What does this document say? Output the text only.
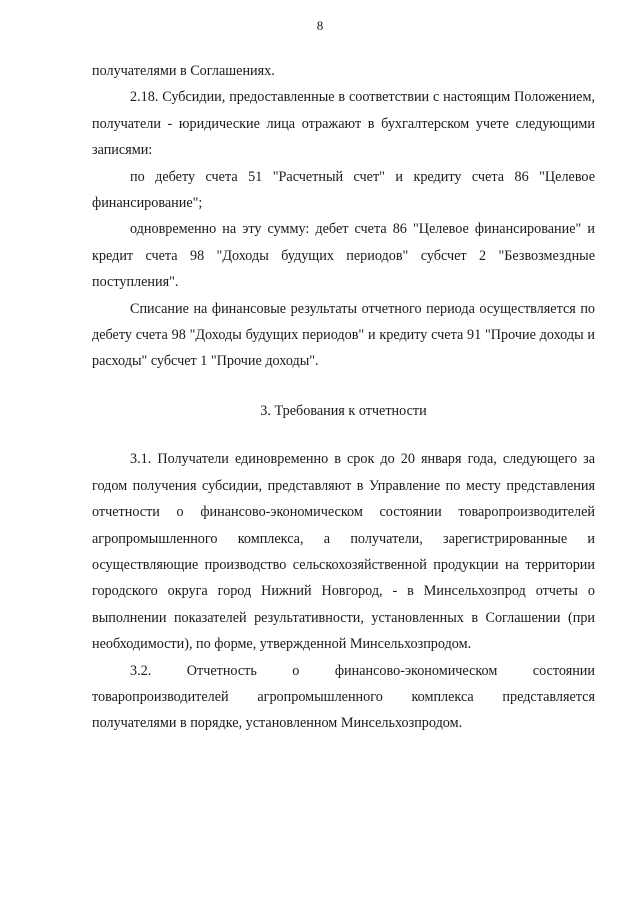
8

получателями в Соглашениях.

2.18. Субсидии, предоставленные в соответствии с настоящим Положением, получатели - юридические лица отражают в бухгалтерском учете следующими записями:

по дебету счета 51 "Расчетный счет" и кредиту счета 86 "Целевое финансирование";

одновременно на эту сумму: дебет счета 86 "Целевое финансирование" и кредит счета 98 "Доходы будущих периодов" субсчет 2 "Безвозмездные поступления".

Списание на финансовые результаты отчетного периода осуществляется по дебету счета 98 "Доходы будущих периодов" и кредиту счета 91 "Прочие доходы и расходы" субсчет 1 "Прочие доходы".

3. Требования к отчетности

3.1. Получатели единовременно в срок до 20 января года, следующего за годом получения субсидии, представляют в Управление по месту представления отчетности о финансово-экономическом состоянии товаропроизводителей агропромышленного комплекса, а получатели, зарегистрированные и осуществляющие производство сельскохозяйственной продукции на территории городского округа город Нижний Новгород, - в Минсельхозпрод отчеты о выполнении показателей результативности, установленных в Соглашении (при необходимости), по форме, утвержденной Минсельхозпродом.

3.2. Отчетность о финансово-экономическом состоянии товаропроизводителей агропромышленного комплекса представляется получателями в порядке, установленном Минсельхозпродом.
